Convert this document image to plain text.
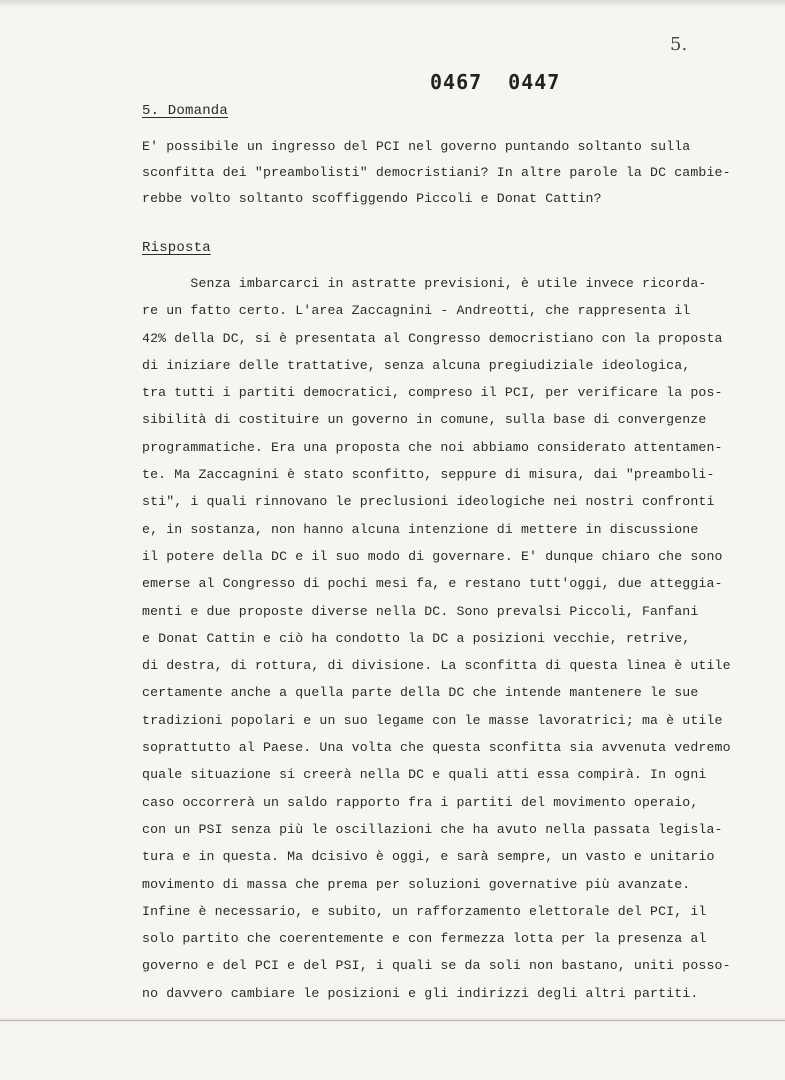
5.
0467 0447
5. Domanda
E' possibile un ingresso del PCI nel governo puntando soltanto sulla
sconfitta dei "preambolisti" democristiani? In altre parole la DC cambie-
rebbe volto soltanto scoffiggendo Piccoli e Donat Cattin?
Risposta
Senza imbarcarci in astratte previsioni, è utile invece ricorda-
re un fatto certo. L'area Zaccagnini - Andreotti, che rappresenta il
42% della DC, si è presentata al Congresso democristiano con la proposta
di iniziare delle trattative, senza alcuna pregiudiziale ideologica,
tra tutti i partiti democratici, compreso il PCI, per verificare la pos-
sibilità di costituire un governo in comune, sulla base di convergenze
programmatiche. Era una proposta che noi abbiamo considerato attentamen-
te. Ma Zaccagnini è stato sconfitto, seppure di misura, dai "preamboli-
sti", i quali rinnovano le preclusioni ideologiche nei nostri confronti
e, in sostanza, non hanno alcuna intenzione di mettere in discussione
il potere della DC e il suo modo di governare. E' dunque chiaro che sono
emerse al Congresso di pochi mesi fa, e restano tutt'oggi, due atteggia-
menti e due proposte diverse nella DC. Sono prevalsi Piccoli, Fanfani
e Donat Cattin e ciò ha condotto la DC a posizioni vecchie, retrive,
di destra, di rottura, di divisione. La sconfitta di questa linea è utile
certamente anche a quella parte della DC che intende mantenere le sue
tradizioni popolari e un suo legame con le masse lavoratrici; ma è utile
soprattutto al Paese. Una volta che questa sconfitta sia avvenuta vedremo
quale situazione si creerà nella DC e quali atti essa compirà. In ogni
caso occorrerà un saldo rapporto fra i partiti del movimento operaio,
con un PSI senza più le oscillazioni che ha avuto nella passata legisla-
tura e in questa. Ma dcisivo è oggi, e sarà sempre, un vasto e unitario
movimento di massa che prema per soluzioni governative più avanzate.
Infine è necessario, e subito, un rafforzamento elettorale del PCI, il
solo partito che coerentemente e con fermezza lotta per la presenza al
governo e del PCI e del PSI, i quali se da soli non bastano, uniti posso-
no davvero cambiare le posizioni e gli indirizzi degli altri partiti.
